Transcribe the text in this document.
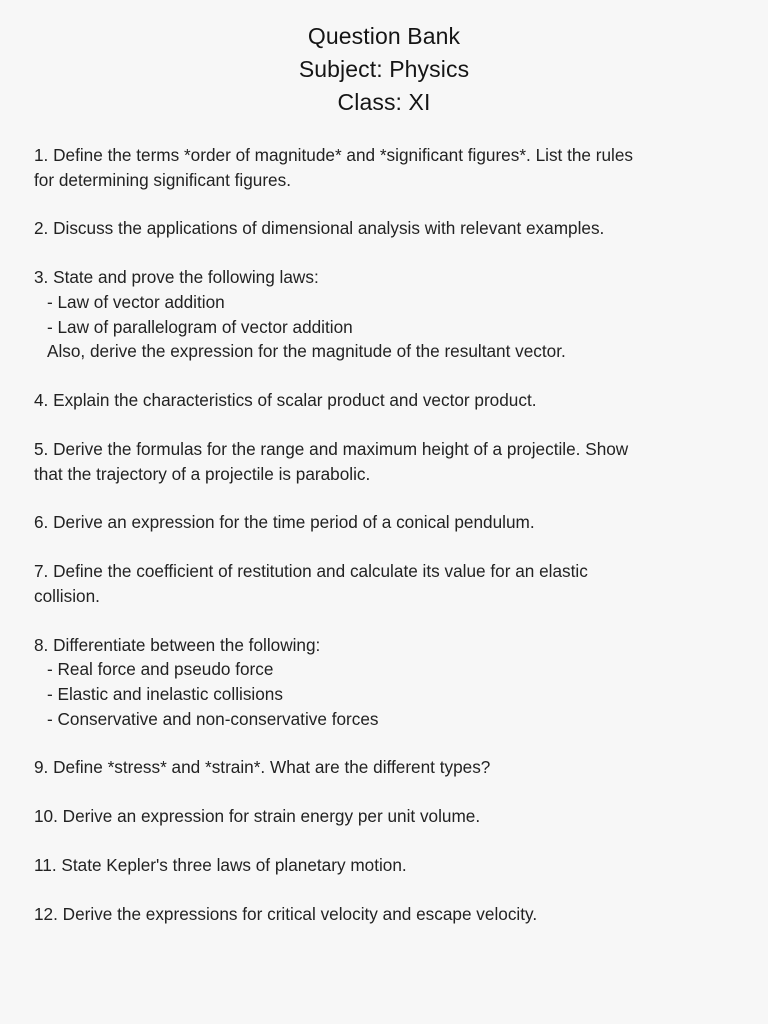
Question Bank
Subject: Physics
Class: XI
1. Define the terms *order of magnitude* and *significant figures*. List the rules
for determining significant figures.
2. Discuss the applications of dimensional analysis with relevant examples.
3. State and prove the following laws:
- Law of vector addition
- Law of parallelogram of vector addition
Also, derive the expression for the magnitude of the resultant vector.
4. Explain the characteristics of scalar product and vector product.
5. Derive the formulas for the range and maximum height of a projectile. Show
that the trajectory of a projectile is parabolic.
6. Derive an expression for the time period of a conical pendulum.
7. Define the coefficient of restitution and calculate its value for an elastic
collision.
8. Differentiate between the following:
- Real force and pseudo force
- Elastic and inelastic collisions
- Conservative and non-conservative forces
9. Define *stress* and *strain*. What are the different types?
10. Derive an expression for strain energy per unit volume.
11. State Kepler's three laws of planetary motion.
12. Derive the expressions for critical velocity and escape velocity.
